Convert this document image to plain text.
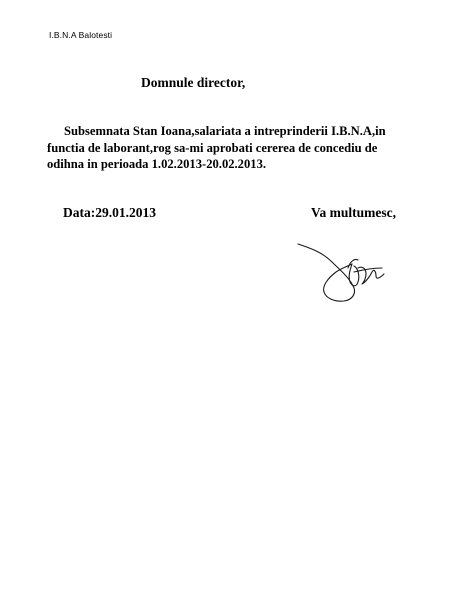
I.B.N.A Balotesti
Domnule director,
Subsemnata Stan Ioana,salariata a intreprinderii I.B.N.A,in
functia de laborant,rog sa-mi aprobati cererea de concediu de
odihna in perioada 1.02.2013-20.02.2013.
Data:29.01.2013	Va multumesc,
